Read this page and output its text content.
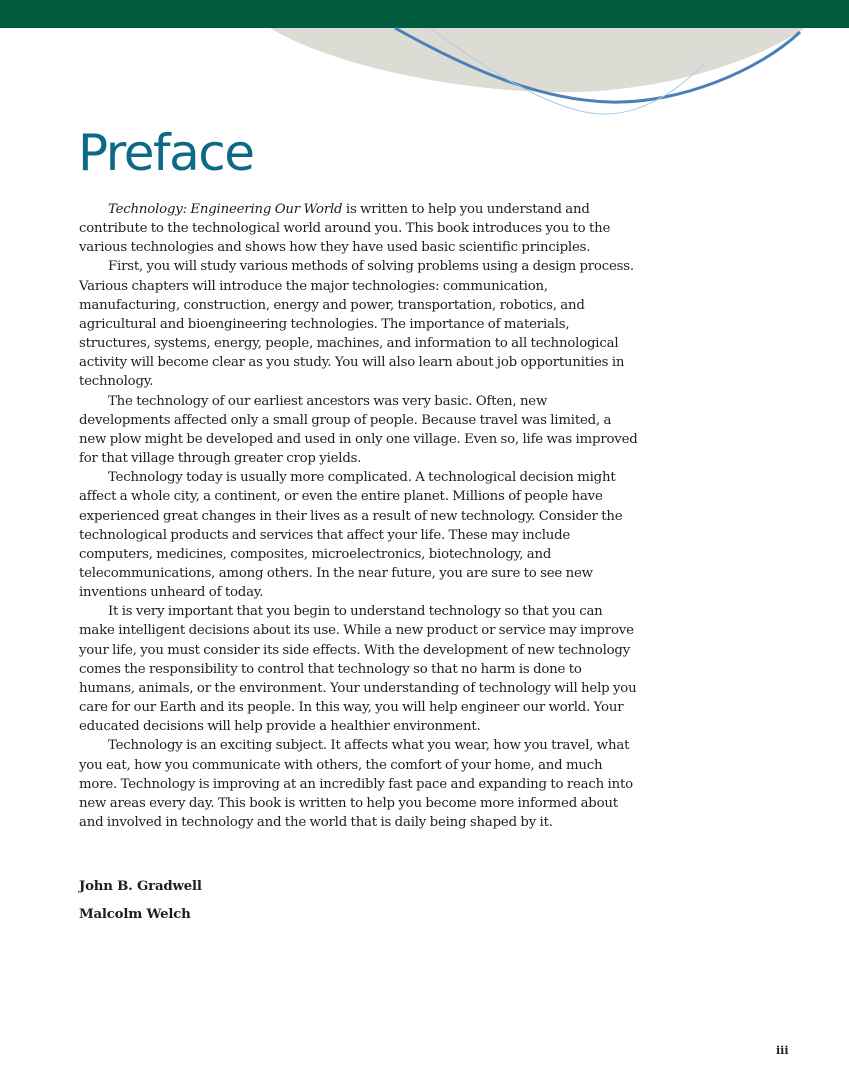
Preface

Technology: Engineering Our World is written to help you understand and contribute to the technological world around you. This book introduces you to the various technologies and shows how they have used basic scientific principles.

First, you will study various methods of solving problems using a design process. Various chapters will introduce the major technologies: communication, manufacturing, construction, energy and power, transportation, robotics, and agricultural and bioengineering technologies. The importance of materials, structures, systems, energy, people, machines, and information to all technological activity will become clear as you study. You will also learn about job opportunities in technology.

The technology of our earliest ancestors was very basic. Often, new developments affected only a small group of people. Because travel was limited, a new plow might be developed and used in only one village. Even so, life was improved for that village through greater crop yields.

Technology today is usually more complicated. A technological decision might affect a whole city, a continent, or even the entire planet. Millions of people have experienced great changes in their lives as a result of new technology. Consider the technological products and services that affect your life. These may include computers, medicines, composites, microelectronics, biotechnology, and telecommunications, among others. In the near future, you are sure to see new inventions unheard of today.

It is very important that you begin to understand technology so that you can make intelligent decisions about its use. While a new product or service may improve your life, you must consider its side effects. With the development of new technology comes the responsibility to control that technology so that no harm is done to humans, animals, or the environment. Your understanding of technology will help you care for our Earth and its people. In this way, you will help engineer our world. Your educated decisions will help provide a healthier environment.

Technology is an exciting subject. It affects what you wear, how you travel, what you eat, how you communicate with others, the comfort of your home, and much more. Technology is improving at an incredibly fast pace and expanding to reach into new areas every day. This book is written to help you become more informed about and involved in technology and the world that is daily being shaped by it.

John B. Gradwell
Malcolm Welch
iii
